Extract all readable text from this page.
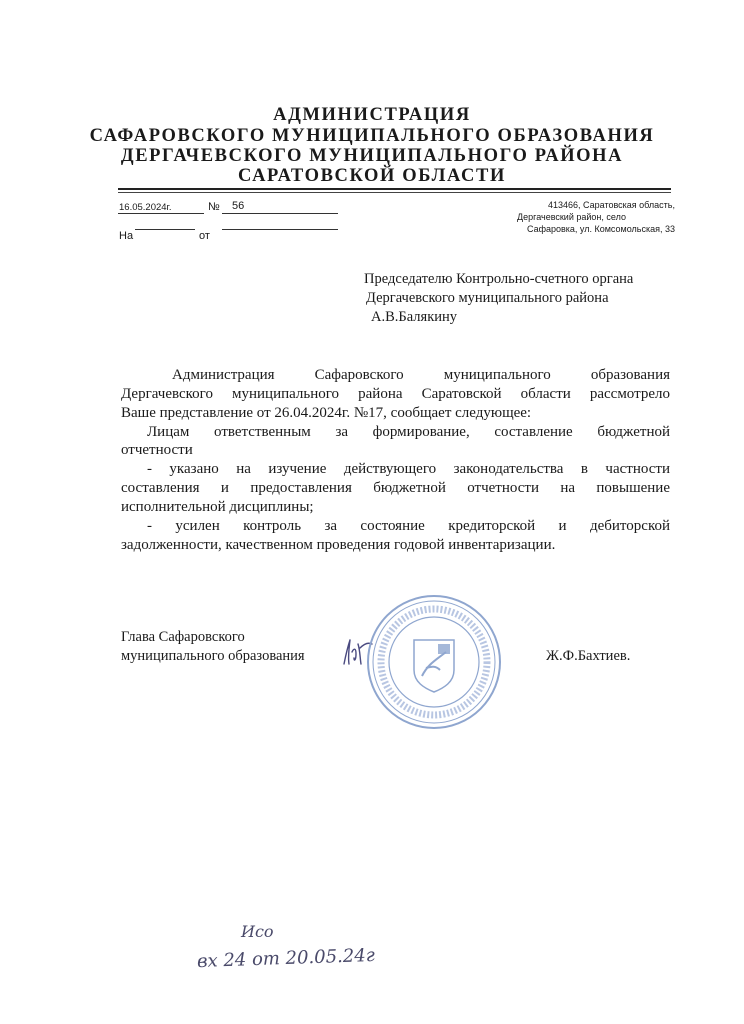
АДМИНИСТРАЦИЯ
САФАРОВСКОГО МУНИЦИПАЛЬНОГО ОБРАЗОВАНИЯ
ДЕРГАЧЕВСКОГО МУНИЦИПАЛЬНОГО РАЙОНА
САРАТОВСКОЙ ОБЛАСТИ
16.05.2024г.	№ 56
На	от
413466, Саратовская область,
Дергачевский район, село
Сафаровка, ул. Комсомольская, 33
Председателю Контрольно-счетного органа
Дергачевского муниципального района
А.В.Балякину
Администрация Сафаровского муниципального образования
Дергачевского муниципального района Саратовской области рассмотрело
Ваше представление от 26.04.2024г. №17, сообщает следующее:
Лицам ответственным за формирование, составление бюджетной
отчетности
- указано на изучение действующего законодательства в частности
составления и предоставления бюджетной отчетности на повышение
исполнительной дисциплины;
- усилен контроль за состояние кредиторской и дебиторской
задолженности, качественном проведения годовой инвентаризации.
Глава Сафаровского
муниципального образования	Ж.Ф.Бахтиев.
Исо
вх 24 от 20.05.24г
